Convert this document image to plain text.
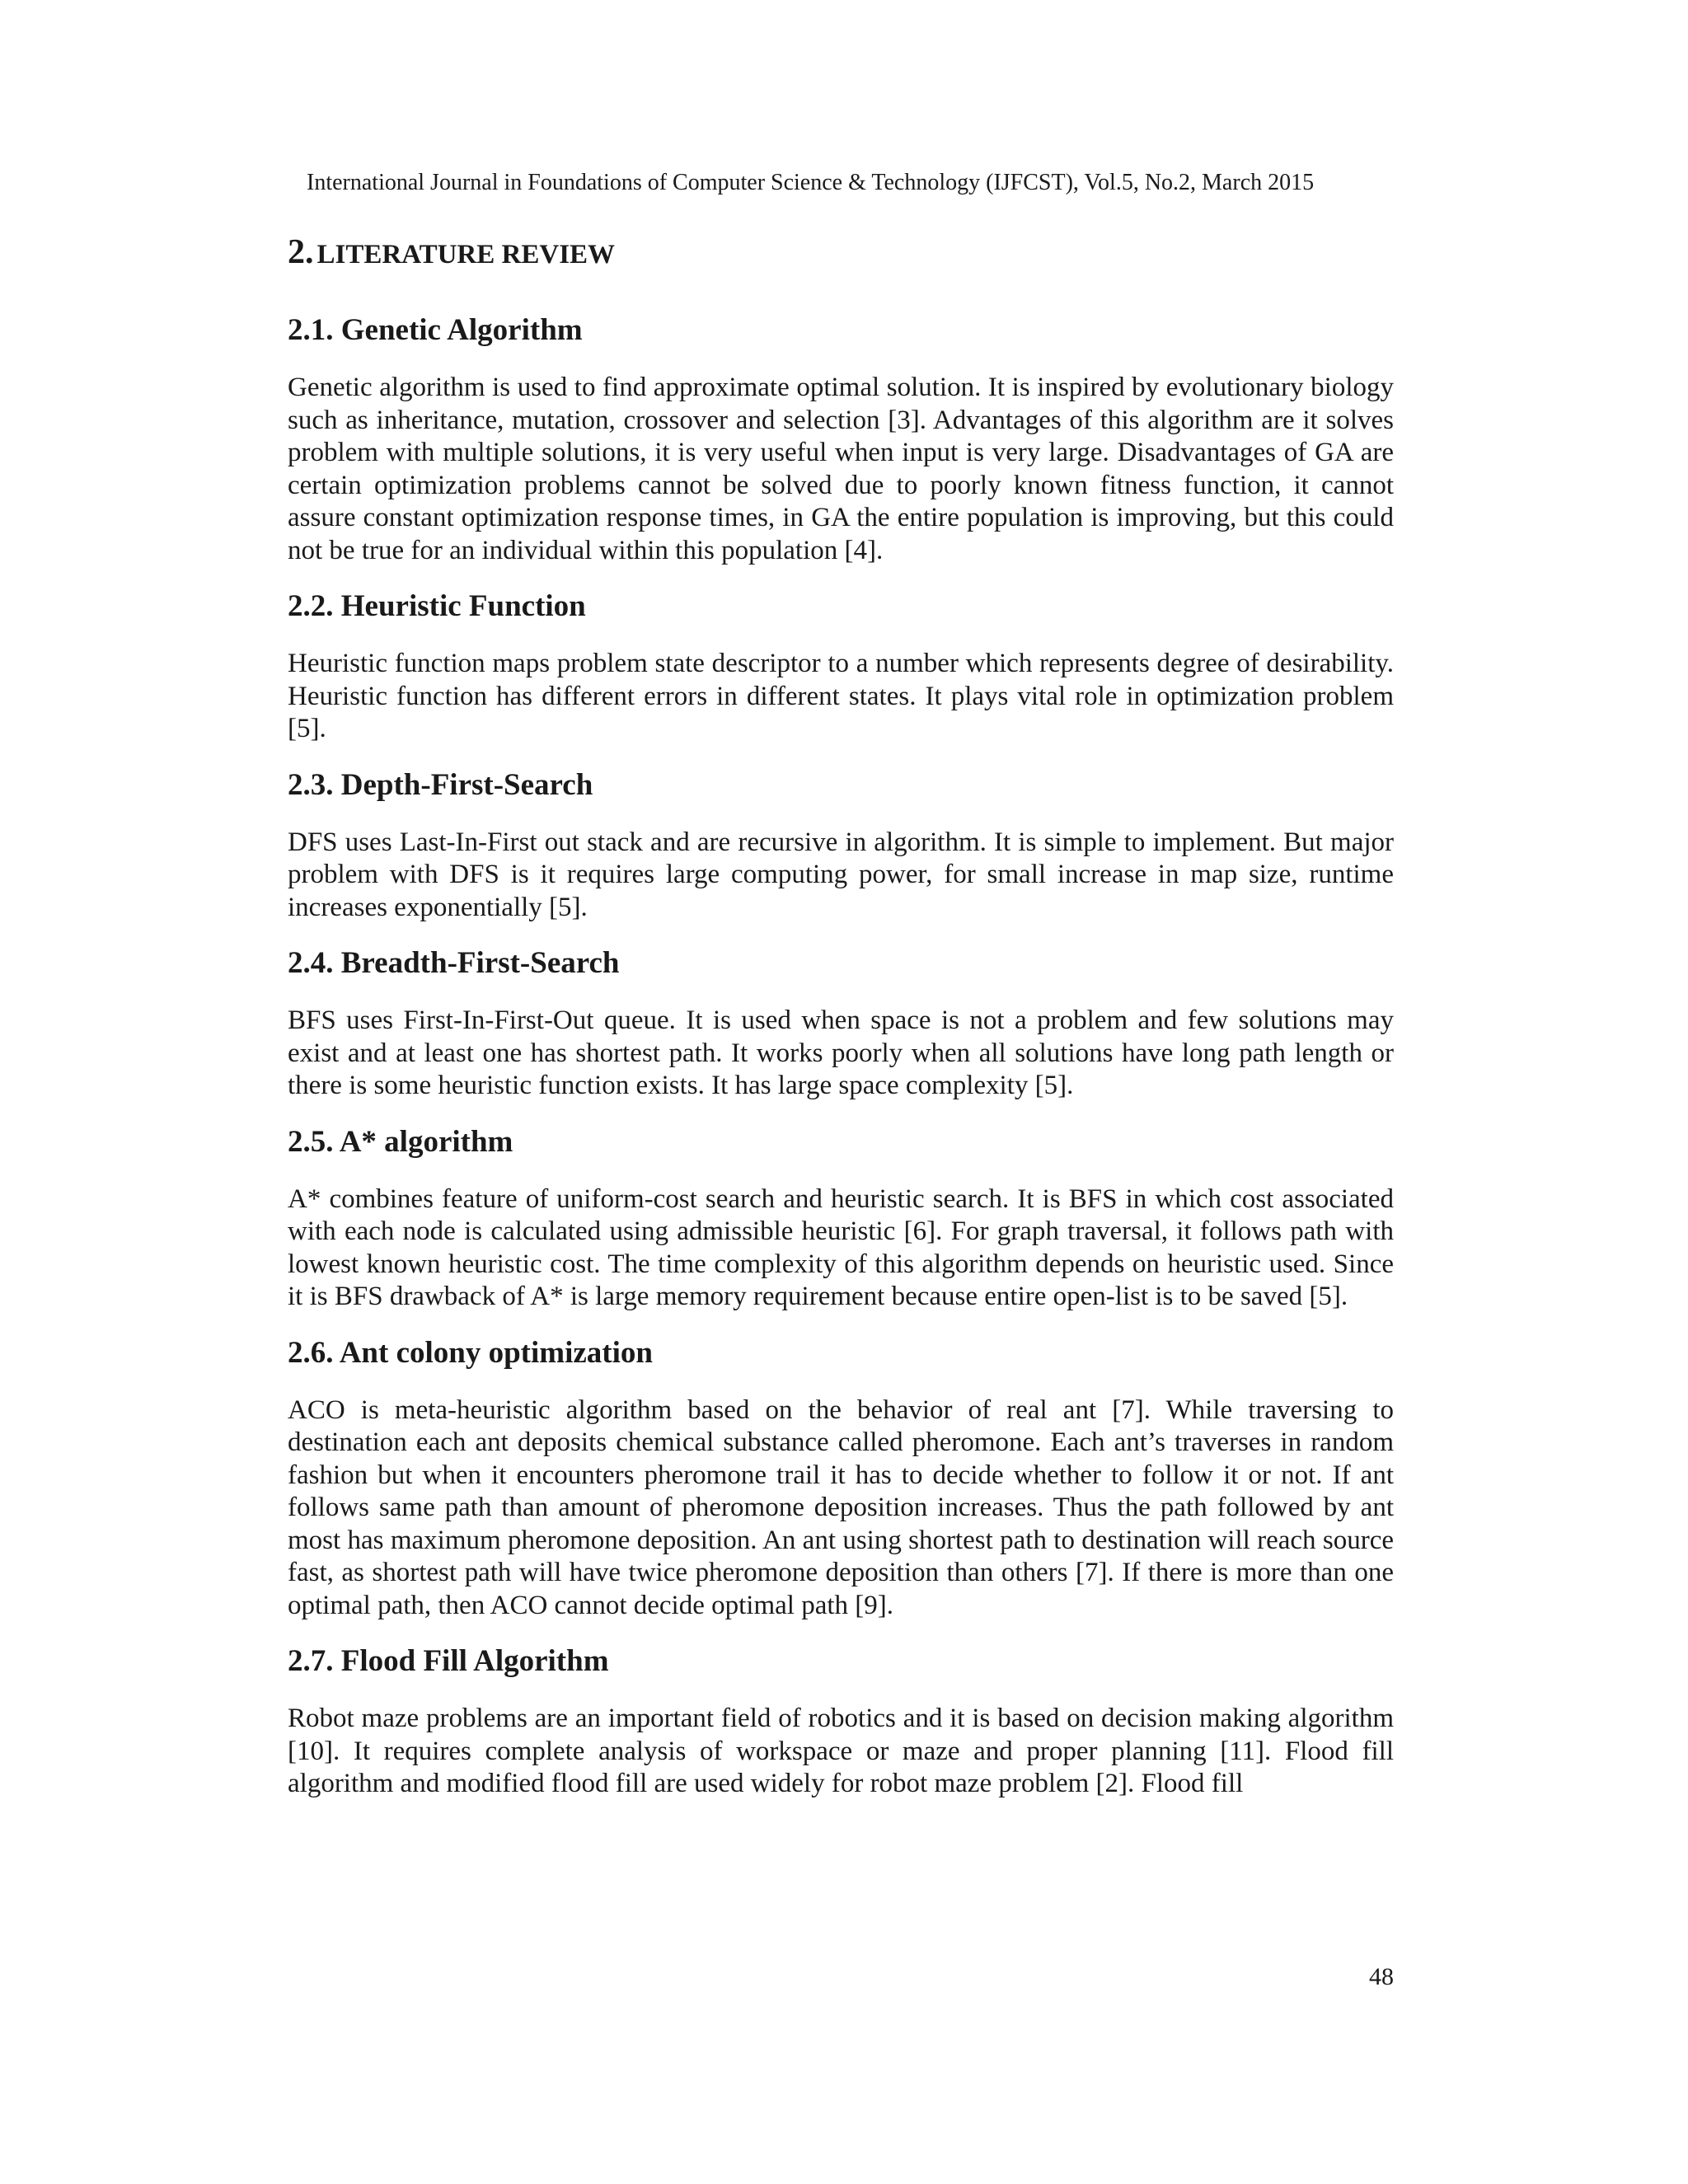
International Journal in Foundations of Computer Science & Technology (IJFCST), Vol.5, No.2, March 2015
2. LITERATURE REVIEW
2.1. Genetic Algorithm

Genetic algorithm is used to find approximate optimal solution. It is inspired by evolutionary biology such as inheritance, mutation, crossover and selection [3]. Advantages of this algorithm are it solves problem with multiple solutions, it is very useful when input is very large. Disadvantages of GA are certain optimization problems cannot be solved due to poorly known fitness function, it cannot assure constant optimization response times, in GA the entire population is improving, but this could not be true for an individual within this population [4].

2.2. Heuristic Function

Heuristic function maps problem state descriptor to a number which represents degree of desirability. Heuristic function has different errors in different states. It plays vital role in optimization problem [5].

2.3. Depth-First-Search

DFS uses Last-In-First out stack and are recursive in algorithm. It is simple to implement. But major problem with DFS is it requires large computing power, for small increase in map size, runtime increases exponentially [5].

2.4. Breadth-First-Search

BFS uses First-In-First-Out queue. It is used when space is not a problem and few solutions may exist and at least one has shortest path. It works poorly when all solutions have long path length or there is some heuristic function exists. It has large space complexity [5].

2.5. A* algorithm

A* combines feature of uniform-cost search and heuristic search. It is BFS in which cost associated with each node is calculated using admissible heuristic [6]. For graph traversal, it follows path with lowest known heuristic cost. The time complexity of this algorithm depends on heuristic used. Since it is BFS drawback of A* is large memory requirement because entire open-list is to be saved [5].

2.6. Ant colony optimization

ACO is meta-heuristic algorithm based on the behavior of real ant [7]. While traversing to destination each ant deposits chemical substance called pheromone. Each ant’s traverses in random fashion but when it encounters pheromone trail it has to decide whether to follow it or not. If ant follows same path than amount of pheromone deposition increases. Thus the path followed by ant most has maximum pheromone deposition. An ant using shortest path to destination will reach source fast, as shortest path will have twice pheromone deposition than others [7]. If there is more than one optimal path, then ACO cannot decide optimal path [9].

2.7. Flood Fill Algorithm

Robot maze problems are an important field of robotics and it is based on decision making algorithm [10]. It requires complete analysis of workspace or maze and proper planning [11]. Flood fill algorithm and modified flood fill are used widely for robot maze problem [2]. Flood fill

48
